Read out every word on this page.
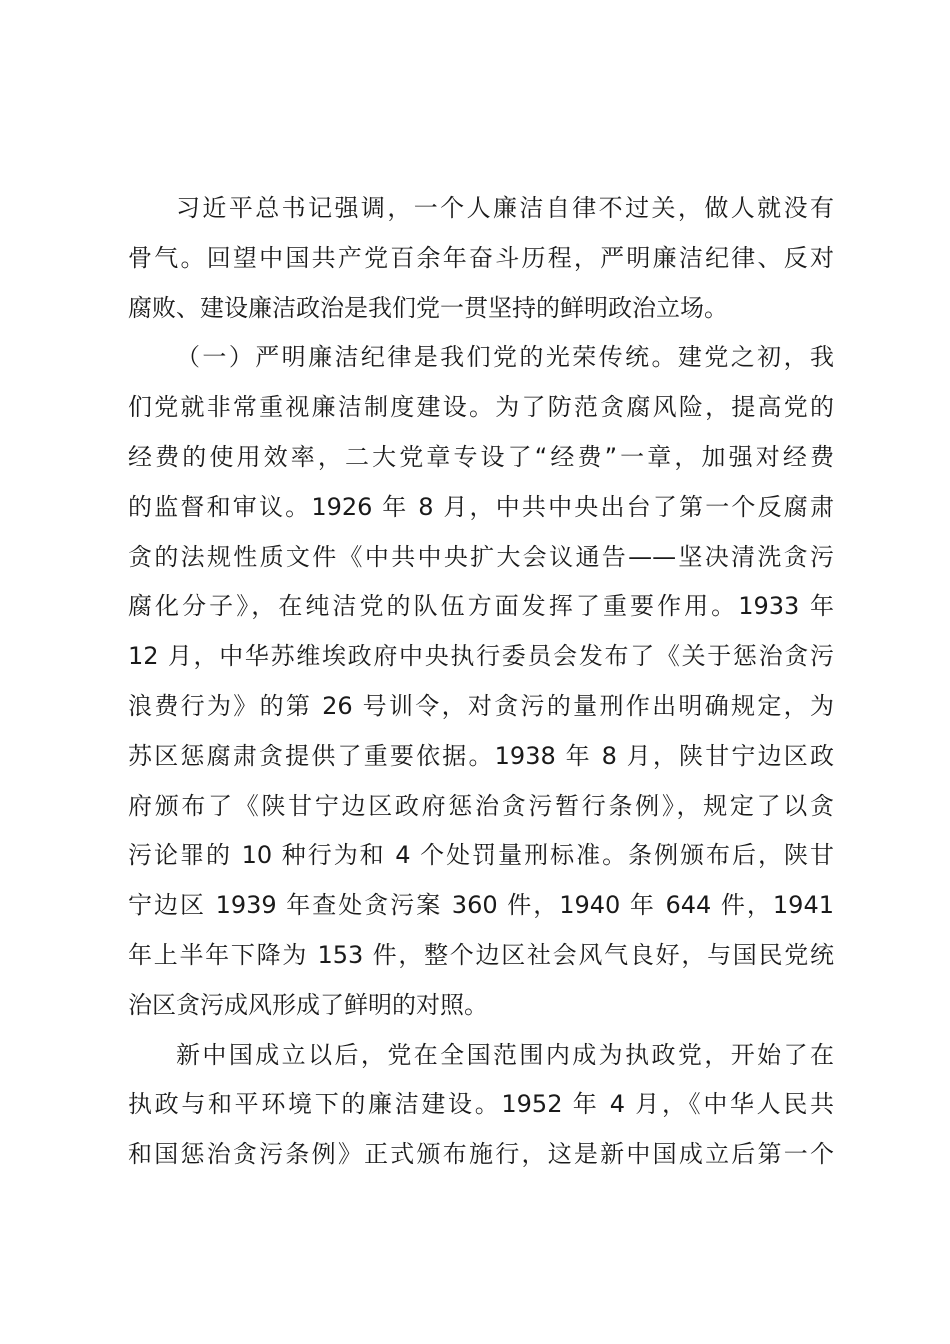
习近平总书记强调，一个人廉洁自律不过关，做人就没有
骨气。回望中国共产党百余年奋斗历程，严明廉洁纪律、反对
腐败、建设廉洁政治是我们党一贯坚持的鲜明政治立场。
（一）严明廉洁纪律是我们党的光荣传统。建党之初，我
们党就非常重视廉洁制度建设。为了防范贪腐风险，提高党的
经费的使用效率，二大党章专设了“经费”一章，加强对经费
的监督和审议。1926 年 8 月，中共中央出台了第一个反腐肃
贪的法规性质文件《中共中央扩大会议通告——坚决清洗贪污
腐化分子》，在纯洁党的队伍方面发挥了重要作用。1933 年
12 月，中华苏维埃政府中央执行委员会发布了《关于惩治贪污
浪费行为》的第 26 号训令，对贪污的量刑作出明确规定，为
苏区惩腐肃贪提供了重要依据。1938 年 8 月，陕甘宁边区政
府颁布了《陕甘宁边区政府惩治贪污暂行条例》，规定了以贪
污论罪的 10 种行为和 4 个处罚量刑标准。条例颁布后，陕甘
宁边区 1939 年查处贪污案 360 件，1940 年 644 件，1941
年上半年下降为 153 件，整个边区社会风气良好，与国民党统
治区贪污成风形成了鲜明的对照。
新中国成立以后，党在全国范围内成为执政党，开始了在
执政与和平环境下的廉洁建设。1952 年 4 月，《中华人民共
和国惩治贪污条例》正式颁布施行，这是新中国成立后第一个
